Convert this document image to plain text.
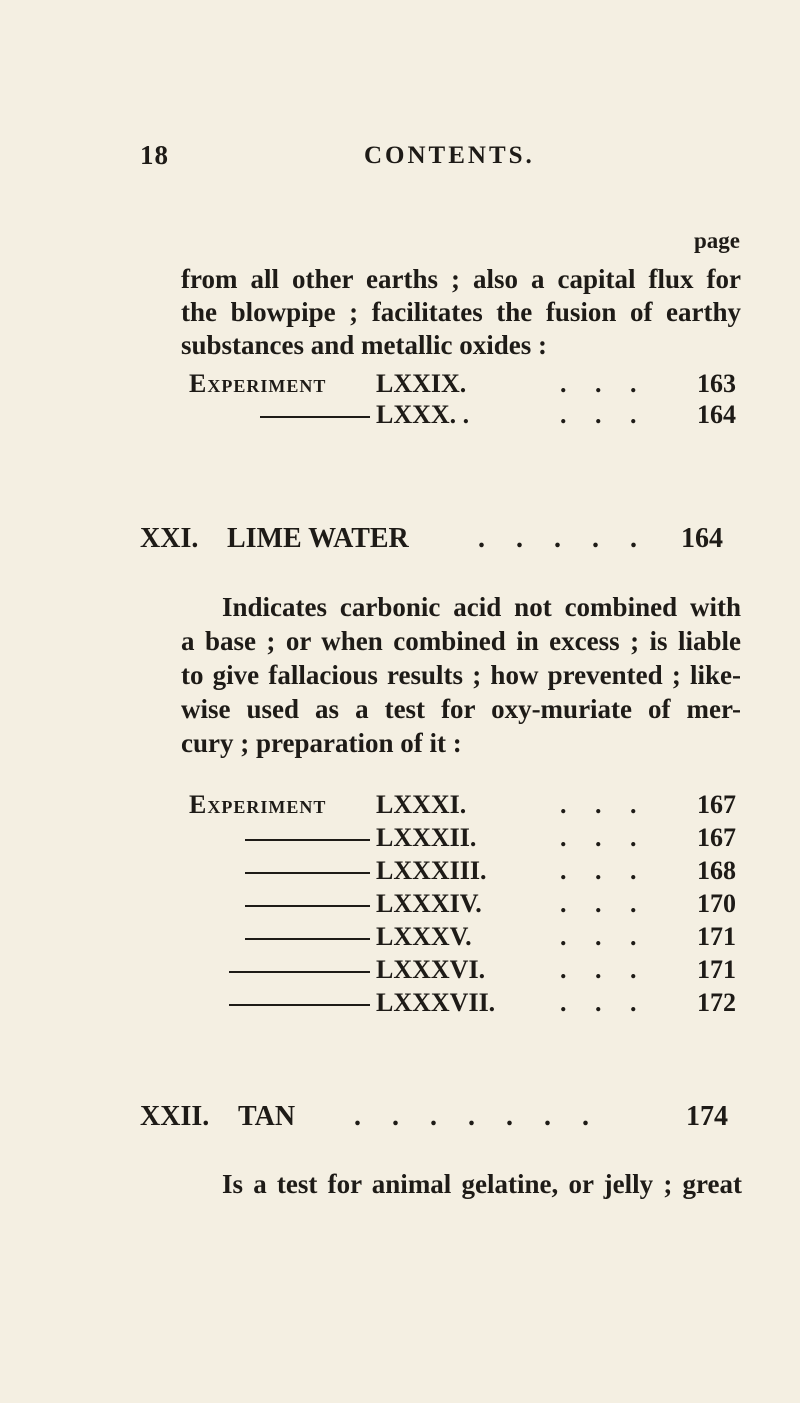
18	CONTENTS.
page
from all other earths ; also a capital flux for
the blowpipe ; facilitates the fusion of earthy
substances and metallic oxides :
Experiment LXXIX.	. . . 163
LXXX. .	. . . 164
XXI. LIME WATER . . . . . 164
Indicates carbonic acid not combined with
a base ; or when combined in excess ; is liable
to give fallacious results ; how prevented ; like-
wise used as a test for oxy-muriate of mer-
cury ; preparation of it :
Experiment LXXXI.	. . . 167
LXXXII.	. . . 167
LXXXIII.	. . . 168
LXXXIV.	. . . 170
LXXXV.	. . . 171
LXXXVI.	. . . 171
LXXXVII. . . . 172
XXII. TAN . . . . . . .	174
Is a test for animal gelatine, or jelly ; great
